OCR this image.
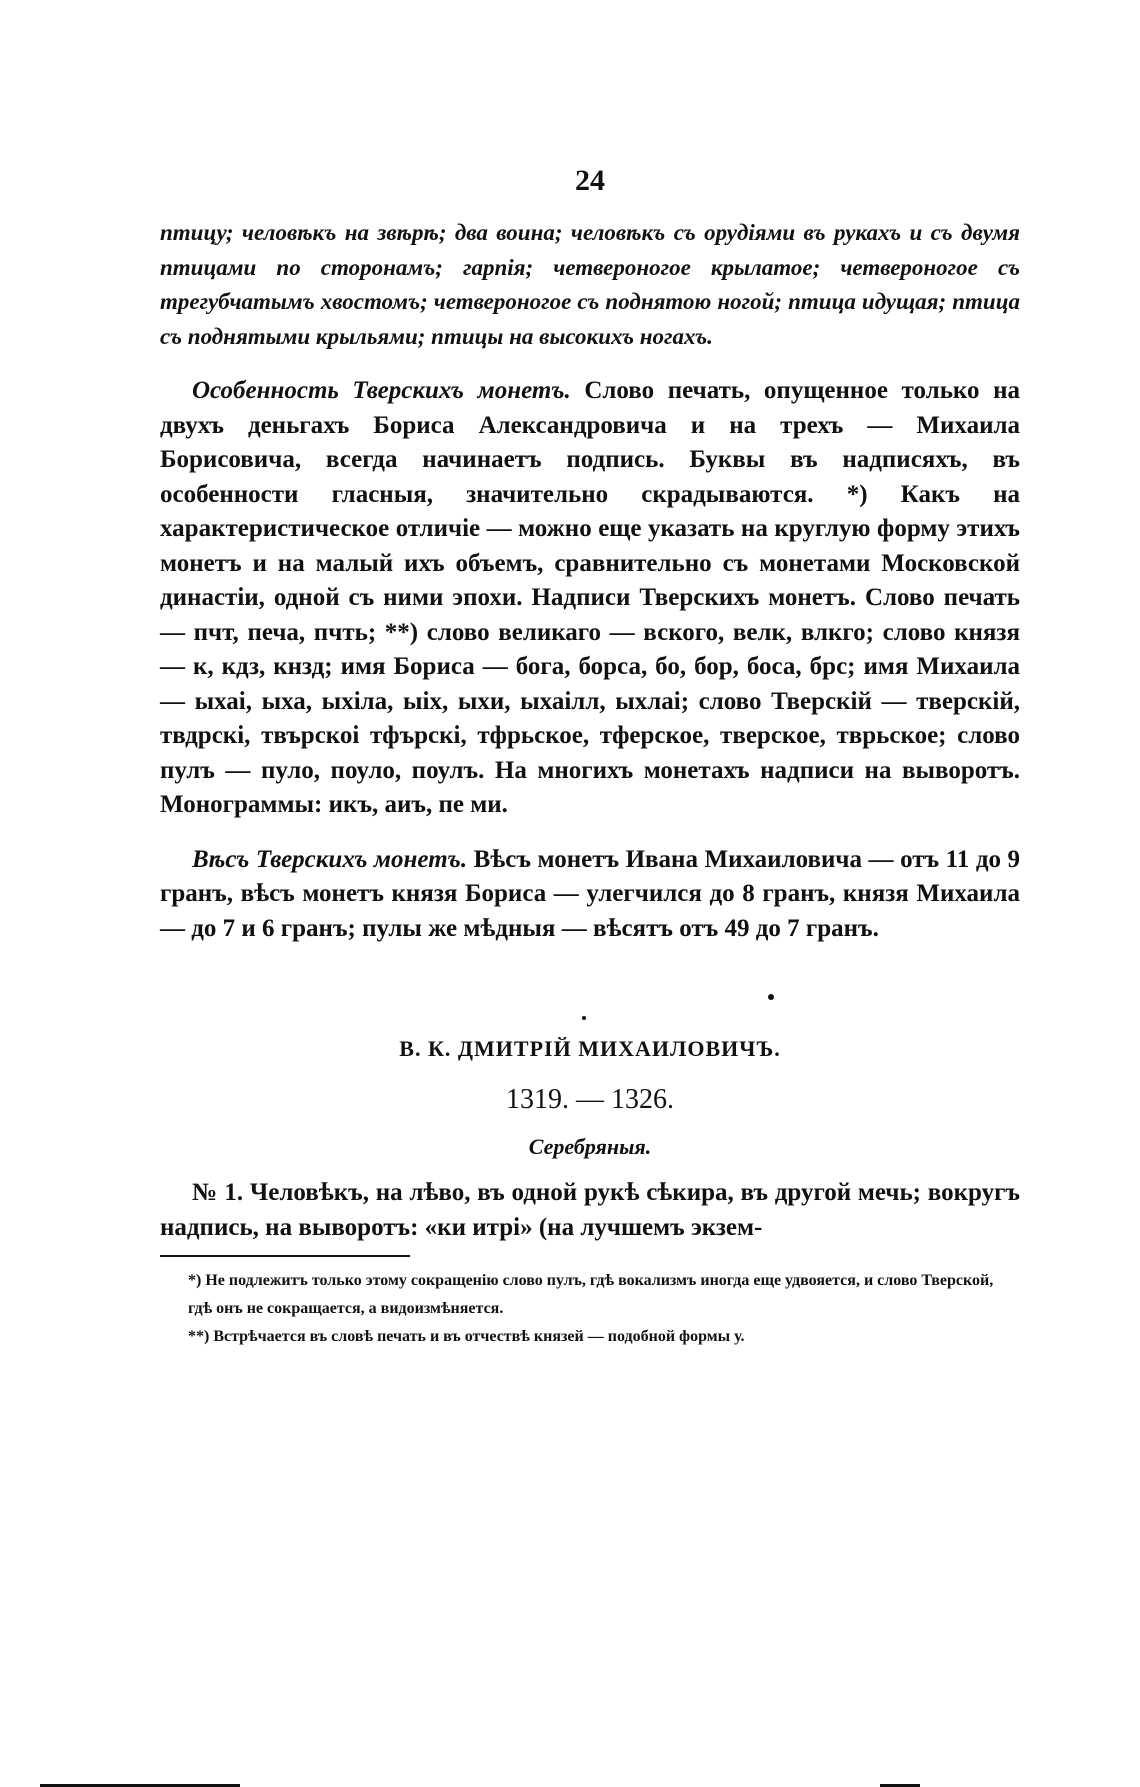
24

птицу; человѣкъ на звѣрѣ; два воина; человѣкъ съ орудіями въ рукахъ и съ двумя птицами по сторонамъ; гарпія; четвероногое крылатое; четвероногое съ трегубчатымъ хвостомъ; четвероногое съ поднятою ногой; птица идущая; птица съ поднятыми крыльями; птицы на высокихъ ногахъ.

Особенность Тверскихъ монетъ. Слово печать, опущенное только на двухъ деньгахъ Бориса Александровича и на трехъ — Михаила Борисовича, всегда начинаетъ подпись. Буквы въ надписяхъ, въ особенности гласныя, значительно скрадываются. *) Какъ на характеристическое отличіе — можно еще указать на круглую форму этихъ монетъ и на малый ихъ объемъ, сравнительно съ монетами Московской династіи, одной съ ними эпохи. Надписи Тверскихъ монетъ. Слово печать — пчт, печа, пчть; **) слово великаго — вского, велк, влкго; слово князя — к, кдз, кнзд; имя Бориса — бога, борса, бо, бор, боса, брс; имя Михаила — ыхаі, ыха, ыхіла, ыіх, ыхи, ыхаілл, ыхлаі; слово Тверскій — тверскій, твдрскі, твърскоі тфърскі, тфрьское, тферское, тверское, тврьское; слово пулъ — пуло, поуло, поулъ. На многихъ монетахъ надписи на выворотъ. Монограммы: икъ, аиъ, пе ми.

Вѣсъ Тверскихъ монетъ. Вѣсъ монетъ Ивана Михаиловича — отъ 11 до 9 гранъ, вѣсъ монетъ князя Бориса — улегчился до 8 гранъ, князя Михаила — до 7 и 6 гранъ; пулы же мѣдныя — вѣсятъ отъ 49 до 7 гранъ.

В. К. ДМИТРІЙ МИХАИЛОВИЧЪ.

1319. — 1326.

Серебряныя.

№ 1. Человѣкъ, на лѣво, въ одной рукѣ сѣкира, въ другой мечь; вокругъ надпись, на выворотъ: «ки итрі» (на лучшемъ экзем-

*) Не подлежитъ только этому сокращенію слово пулъ, гдѣ вокализмъ иногда еще удвояется, и слово Тверской, гдѣ онъ не сокращается, а видоизмѣняется.

**) Встрѣчается въ словѣ печать и въ отчествѣ князей — подобной формы у.
